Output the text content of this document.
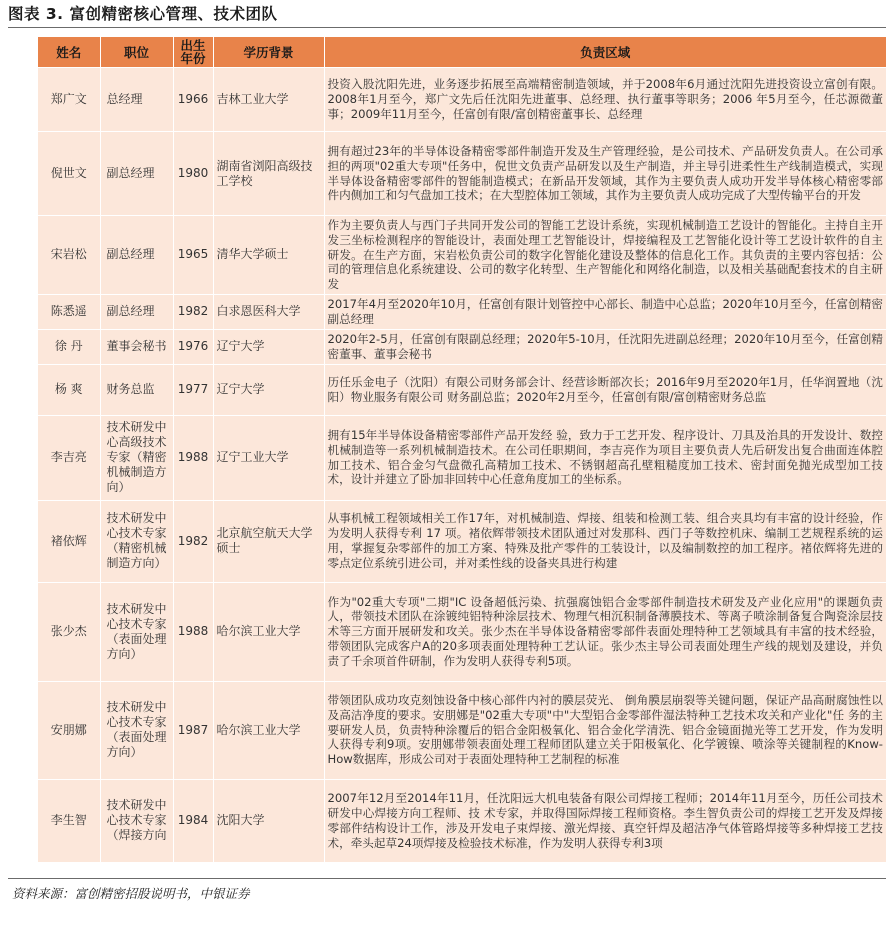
图表 3. 富创精密核心管理、技术团队
姓名	职位	出生年份	学历背景	负责区域
郑广文	总经理	1966	吉林工业大学	投资入股沈阳先进，业务逐步拓展至高端精密制造领域，并于2008年6月通过沈阳先进投资设立富创有限。2008年1月至今，郑广文先后任沈阳先进董事、总经理、执行董事等职务；2006 年5月至今，任芯源微董事；2009年11月至今，任富创有限/富创精密董事长、总经理
倪世文	副总经理	1980	湖南省浏阳高级技工学校	拥有超过23年的半导体设备精密零部件制造开发及生产管理经验，是公司技术、产品研发负责人。在公司承担的两项"02重大专项"任务中，倪世文负责产品研发以及生产制造，并主导引进柔性生产线制造模式，实现半导体设备精密零部件的智能制造模式；在新品开发领域，其作为主要负责人成功开发半导体核心精密零部件内侧加工和匀气盘加工技术；在大型腔体加工领域，其作为主要负责人成功完成了大型传输平台的开发
宋岩松	副总经理	1965	清华大学硕士	作为主要负责人与西门子共同开发公司的智能工艺设计系统，实现机械制造工艺设计的智能化。主持自主开发三坐标检测程序的智能设计，表面处理工艺智能设计，焊接编程及工艺智能化设计等工艺设计软件的自主研发。在生产方面，宋岩松负责公司的数字化智能化建设及整体的信息化工作。其负责的主要内容包括：公司的管理信息化系统建设、公司的数字化转型、生产智能化和网络化制造，以及相关基础配套技术的自主研发
陈悉遥	副总经理	1982	白求恩医科大学	2017年4月至2020年10月，任富创有限计划管控中心部长、制造中心总监；2020年10月至今，任富创精密副总经理
徐 丹	董事会秘书	1976	辽宁大学	2020年2-5月，任富创有限副总经理；2020年5-10月，任沈阳先进副总经理；2020年10月至今，任富创精密董事、董事会秘书
杨 爽	财务总监	1977	辽宁大学	历任乐金电子（沈阳）有限公司财务部会计、经营诊断部次长；2016年9月至2020年1月，任华润置地（沈阳）物业服务有限公司 财务副总监；2020年2月至今，任富创有限/富创精密财务总监
李吉亮	技术研发中心高级技术专家（精密机械制造方向）	1988	辽宁工业大学	拥有15年半导体设备精密零部件产品开发经 验，致力于工艺开发、程序设计、刀具及治具的开发设计、数控机械制造等一系列机械制造技术。在公司任职期间，李吉亮作为项目主要负责人先后研发出复合曲面连体腔加工技术、铝合金匀气盘微孔高精加工技术、不锈钢超高孔壁粗糙度加工技术、密封面免抛光成型加工技术，设计并建立了卧加非回转中心任意角度加工的坐标系。
褚依辉	技术研发中心技术专家（精密机械制造方向）	1982	北京航空航天大学硕士	从事机械工程领域相关工作17年，对机械制造、焊接、组装和检测工装、组合夹具均有丰富的设计经验，作为发明人获得专利 17 项。褚依辉带领技术团队通过对发那科、西门子等数控机床、编制工艺规程系统的运用，掌握复杂零部件的加工方案、特殊及批产零件的工装设计，以及编制数控的加工程序。褚依辉将先进的零点定位系统引进公司，并对柔性线的设备夹具进行构建
张少杰	技术研发中心技术专家（表面处理方向）	1988	哈尔滨工业大学	作为"02重大专项"二期"IC 设备超低污染、抗强腐蚀铝合金零部件制造技术研发及产业化应用"的课题负责人，带领技术团队在涂镀纯铝特种涂层技术、物理气相沉积制备薄膜技术、等离子喷涂制备复合陶瓷涂层技术等三方面开展研发和攻关。张少杰在半导体设备精密零部件表面处理特种工艺领域具有丰富的技术经验，带领团队完成客户A的20多项表面处理特种工艺认证。张少杰主导公司表面处理生产线的规划及建设，并负责了千余项首件研制，作为发明人获得专利5项。
安朋娜	技术研发中心技术专家（表面处理方向）	1987	哈尔滨工业大学	带领团队成功攻克刻蚀设备中核心部件内衬的膜层荧光、 倒角膜层崩裂等关键问题，保证产品高耐腐蚀性以及高洁净度的要求。安朋娜是"02重大专项"中"大型铝合金零部件湿法特种工艺技术攻关和产业化"任 务的主要研发人员，负责特种涂覆后的铝合金阳极氧化、铝合金化学清洗、铝合金镜面抛光等工艺开发，作为发明人获得专利9项。安朋娜带领表面处理工程师团队建立关于阳极氧化、化学镀镍、喷涂等关键制程的Know-How数据库，形成公司对于表面处理特种工艺制程的标准
李生智	技术研发中心技术专家（焊接方向	1984	沈阳大学	2007年12月至2014年11月，任沈阳远大机电装备有限公司焊接工程师；2014年11月至今，历任公司技术研发中心焊接方向工程师、技 术专家，并取得国际焊接工程师资格。李生智负责公司的焊接工艺开发及焊接零部件结构设计工作，涉及开发电子束焊接、激光焊接、真空钎焊及超洁净气体管路焊接等多种焊接工艺技术，牵头起草24项焊接及检验技术标准，作为发明人获得专利3项
资料来源：富创精密招股说明书，中银证券
